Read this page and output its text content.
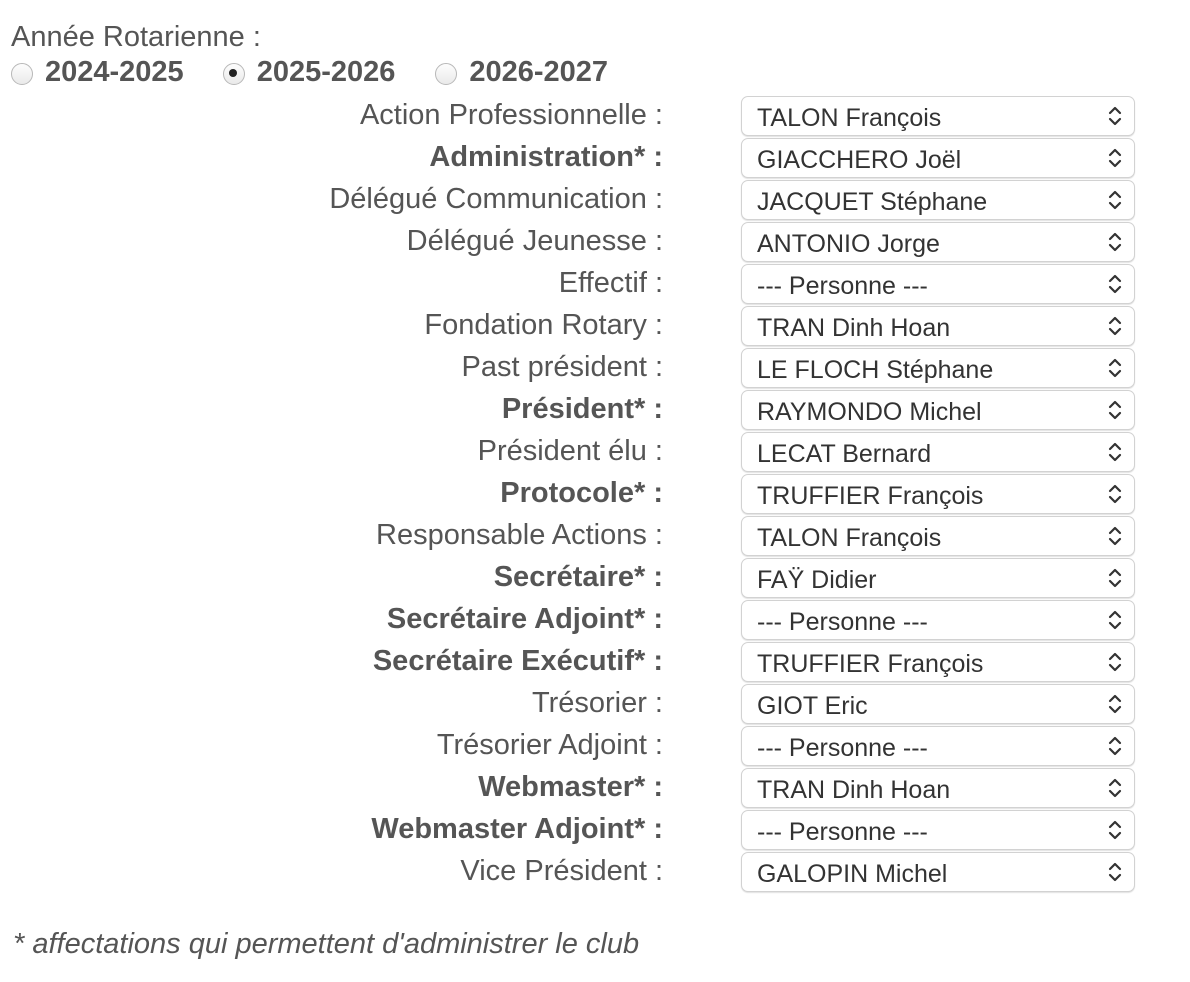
Année Rotarienne :
2024-2025	2025-2026	2026-2027
Action Professionnelle :	TALON François
Administration* :	GIACCHERO Joël
Délégué Communication :	JACQUET Stéphane
Délégué Jeunesse :	ANTONIO Jorge
Effectif :	--- Personne ---
Fondation Rotary :	TRAN Dinh Hoan
Past président :	LE FLOCH Stéphane
Président* :	RAYMONDO Michel
Président élu :	LECAT Bernard
Protocole* :	TRUFFIER François
Responsable Actions :	TALON François
Secrétaire* :	FAŸ Didier
Secrétaire Adjoint* :	--- Personne ---
Secrétaire Exécutif* :	TRUFFIER François
Trésorier :	GIOT Eric
Trésorier Adjoint :	--- Personne ---
Webmaster* :	TRAN Dinh Hoan
Webmaster Adjoint* :	--- Personne ---
Vice Président :	GALOPIN Michel
* affectations qui permettent d'administrer le club
